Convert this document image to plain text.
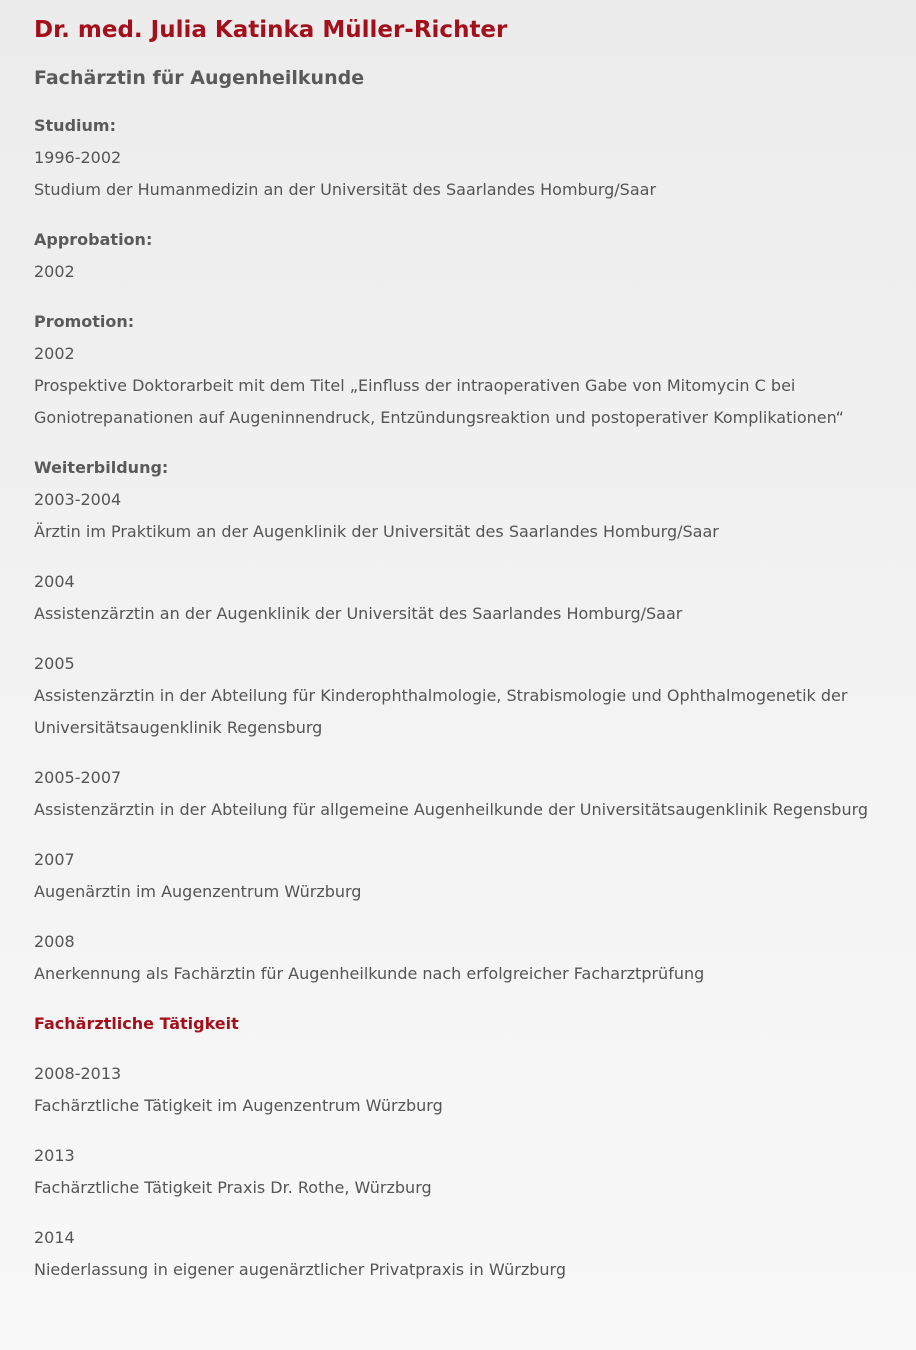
Dr. med. Julia Katinka Müller-Richter
Fachärztin für Augenheilkunde
Studium:
1996-2002
Studium der Humanmedizin an der Universität des Saarlandes Homburg/Saar
Approbation:
2002
Promotion:
2002
Prospektive Doktorarbeit mit dem Titel „Einfluss der intraoperativen Gabe von Mitomycin C bei
Goniotrepanationen auf Augeninnendruck, Entzündungsreaktion und postoperativer Komplikationen“
Weiterbildung:
2003-2004
Ärztin im Praktikum an der Augenklinik der Universität des Saarlandes Homburg/Saar
2004
Assistenzärztin an der Augenklinik der Universität des Saarlandes Homburg/Saar
2005
Assistenzärztin in der Abteilung für Kinderophthalmologie, Strabismologie und Ophthalmogenetik der
Universitätsaugenklinik Regensburg
2005-2007
Assistenzärztin in der Abteilung für allgemeine Augenheilkunde der Universitätsaugenklinik Regensburg
2007
Augenärztin im Augenzentrum Würzburg
2008
Anerkennung als Fachärztin für Augenheilkunde nach erfolgreicher Facharztprüfung
Fachärztliche Tätigkeit
2008-2013
Fachärztliche Tätigkeit im Augenzentrum Würzburg
2013
Fachärztliche Tätigkeit Praxis Dr. Rothe, Würzburg
2014
Niederlassung in eigener augenärztlicher Privatpraxis in Würzburg
